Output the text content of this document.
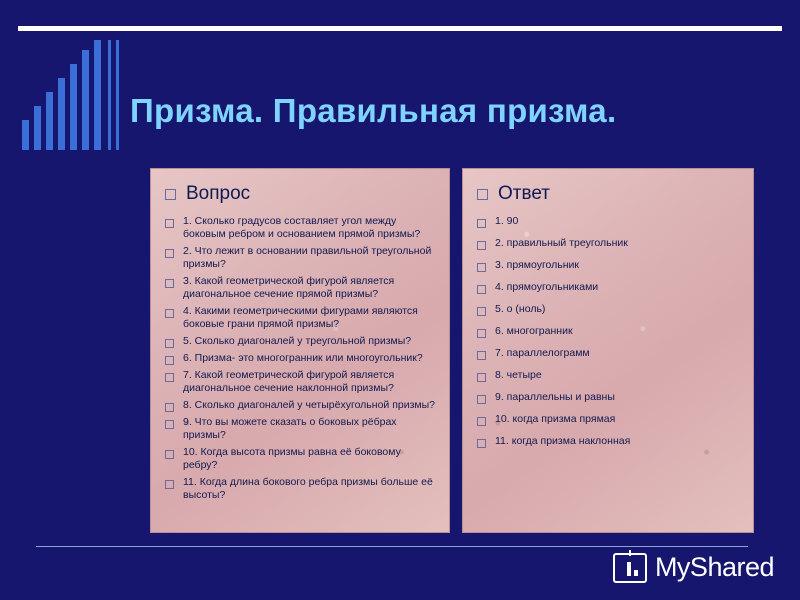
Призма. Правильная призма.
Вопрос
1. Сколько градусов составляет угол между боковым ребром и основанием прямой призмы?
2. Что лежит в основании правильной треугольной призмы?
3. Какой геометрической фигурой является диагональное сечение прямой призмы?
4. Какими геометрическими фигурами являются боковые грани прямой призмы?
5. Сколько диагоналей у треугольной призмы?
6. Призма- это многогранник или многоугольник?
7. Какой геометрической фигурой является диагональное сечение наклонной призмы?
8. Сколько диагоналей у четырёхугольной призмы?
9. Что вы можете сказать о боковых рёбрах призмы?
10. Когда высота призмы равна её боковому ребру?
11. Когда длина бокового ребра призмы больше её высоты?
Ответ
1. 90
2. правильный треугольник
3. прямоугольник
4. прямоугольниками
5. о (ноль)
6. многогранник
7. параллелограмм
8. четыре
9. параллельны и равны
10. когда призма прямая
11. когда призма наклонная
MyShared
